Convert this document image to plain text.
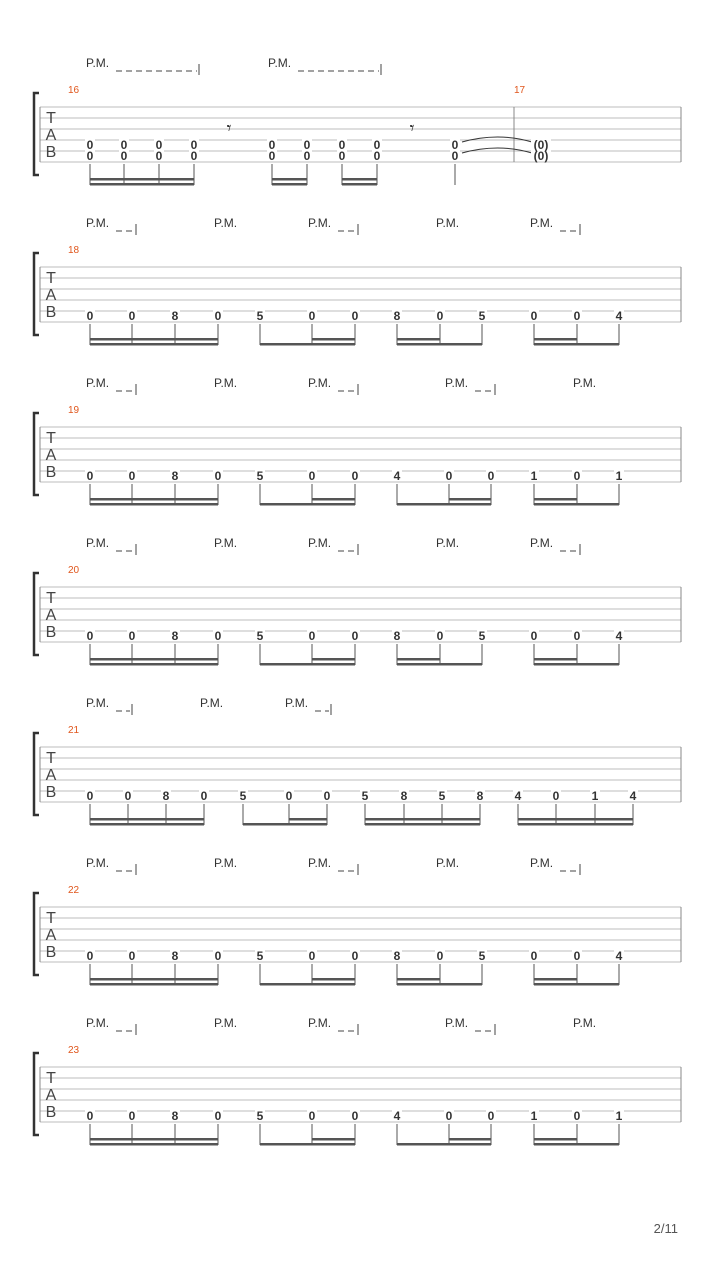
T
A
B
16	17
P.M.	P.M.
0
0
0
0
0
0
0
0
𝄾
0
0
0
0
0
0
0
0
𝄾
0
0
(0)
(0)
T
A
B
18
P.M.	P.M.	P.M.	P.M.	P.M.
0	0	8	0	5	0	0	8	0	5	0	0	4
T
A
B
19
P.M.	P.M.	P.M.	P.M.	P.M.
0	0	8	0	5	0	0	4	0	0	1	0	1
T
A
B
20
P.M.	P.M.	P.M.	P.M.	P.M.
0	0	8	0	5	0	0	8	0	5	0	0	4
T
A
B
21
P.M.	P.M.	P.M.
0	0	8	0	5	0	0	5	8	5	8	4	0	1	4
T
A
B
22
P.M.	P.M.	P.M.	P.M.	P.M.
0	0	8	0	5	0	0	8	0	5	0	0	4
T
A
B
23
P.M.	P.M.	P.M.	P.M.	P.M.
0	0	8	0	5	0	0	4	0	0	1	0	1
2/11
